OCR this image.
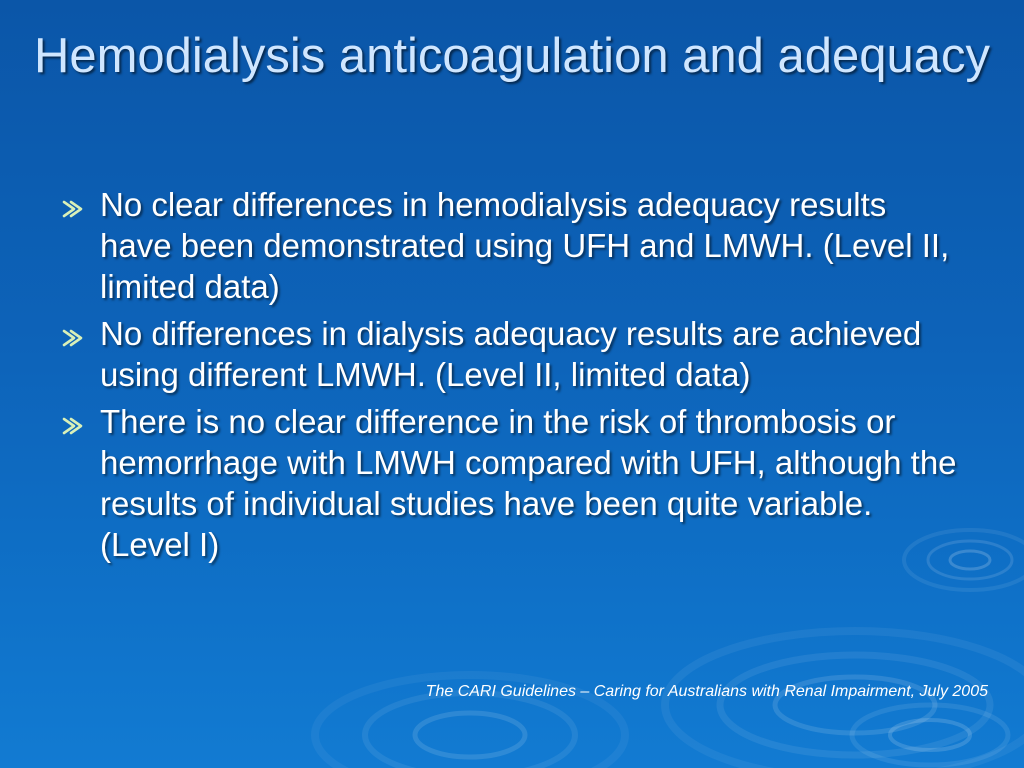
Hemodialysis anticoagulation and adequacy
No clear differences in hemodialysis adequacy results have been demonstrated using UFH and LMWH. (Level II, limited data)
No differences in dialysis adequacy results are achieved using different LMWH. (Level II, limited data)
There is no clear difference in the risk of thrombosis or hemorrhage with LMWH compared with UFH, although the results of individual studies have been quite variable. (Level I)
The CARI Guidelines – Caring for Australians with Renal Impairment, July 2005
